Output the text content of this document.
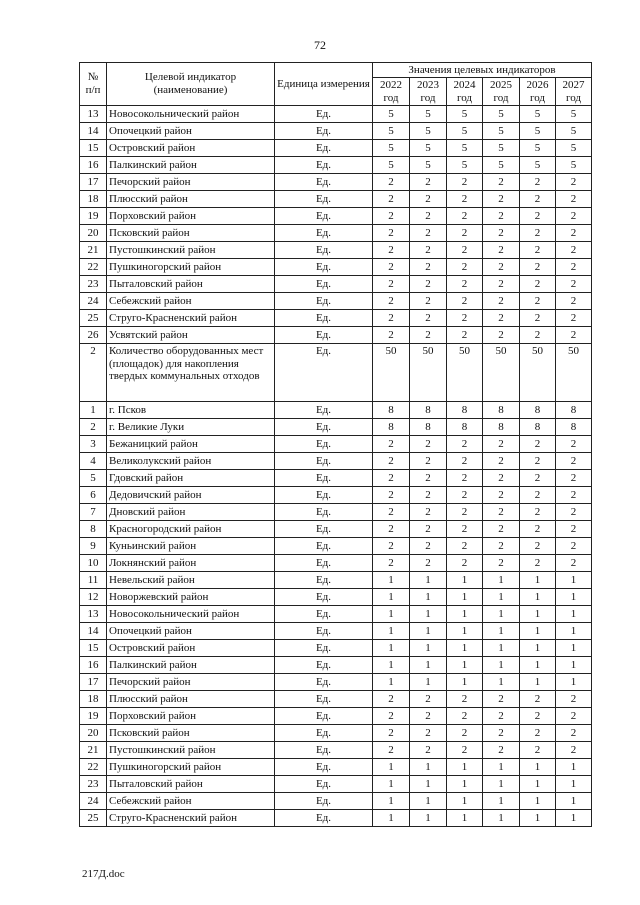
72
№ п/п	Целевой индикатор (наименование)	Единица измерения	Значения целевых индикаторов					
			2022 год	2023 год	2024 год	2025 год	2026 год	2027 год
13	Новосокольнический район	Ед.	5	5	5	5	5	5
14	Опочецкий район	Ед.	5	5	5	5	5	5
15	Островский район	Ед.	5	5	5	5	5	5
16	Палкинский район	Ед.	5	5	5	5	5	5
17	Печорский район	Ед.	2	2	2	2	2	2
18	Плюсский район	Ед.	2	2	2	2	2	2
19	Порховский район	Ед.	2	2	2	2	2	2
20	Псковский район	Ед.	2	2	2	2	2	2
21	Пустошкинский район	Ед.	2	2	2	2	2	2
22	Пушкиногорский район	Ед.	2	2	2	2	2	2
23	Пыталовский район	Ед.	2	2	2	2	2	2
24	Себежский район	Ед.	2	2	2	2	2	2
25	Струго-Красненский район	Ед.	2	2	2	2	2	2
26	Усвятский район	Ед.	2	2	2	2	2	2
2	Количество оборудованных мест (площадок) для накопления твердых коммунальных отходов	Ед.	50	50	50	50	50	50
1	г. Псков	Ед.	8	8	8	8	8	8
2	г. Великие Луки	Ед.	8	8	8	8	8	8
3	Бежаницкий район	Ед.	2	2	2	2	2	2
4	Великолукский район	Ед.	2	2	2	2	2	2
5	Гдовский район	Ед.	2	2	2	2	2	2
6	Дедовичский район	Ед.	2	2	2	2	2	2
7	Дновский район	Ед.	2	2	2	2	2	2
8	Красногородский район	Ед.	2	2	2	2	2	2
9	Куньинский район	Ед.	2	2	2	2	2	2
10	Локнянский район	Ед.	2	2	2	2	2	2
11	Невельский район	Ед.	1	1	1	1	1	1
12	Новоржевский район	Ед.	1	1	1	1	1	1
13	Новосокольнический район	Ед.	1	1	1	1	1	1
14	Опочецкий район	Ед.	1	1	1	1	1	1
15	Островский район	Ед.	1	1	1	1	1	1
16	Палкинский район	Ед.	1	1	1	1	1	1
17	Печорский район	Ед.	1	1	1	1	1	1
18	Плюсский район	Ед.	2	2	2	2	2	2
19	Порховский район	Ед.	2	2	2	2	2	2
20	Псковский район	Ед.	2	2	2	2	2	2
21	Пустошкинский район	Ед.	2	2	2	2	2	2
22	Пушкиногорский район	Ед.	1	1	1	1	1	1
23	Пыталовский район	Ед.	1	1	1	1	1	1
24	Себежский район	Ед.	1	1	1	1	1	1
25	Струго-Красненский район	Ед.	1	1	1	1	1	1
217Д.doc
